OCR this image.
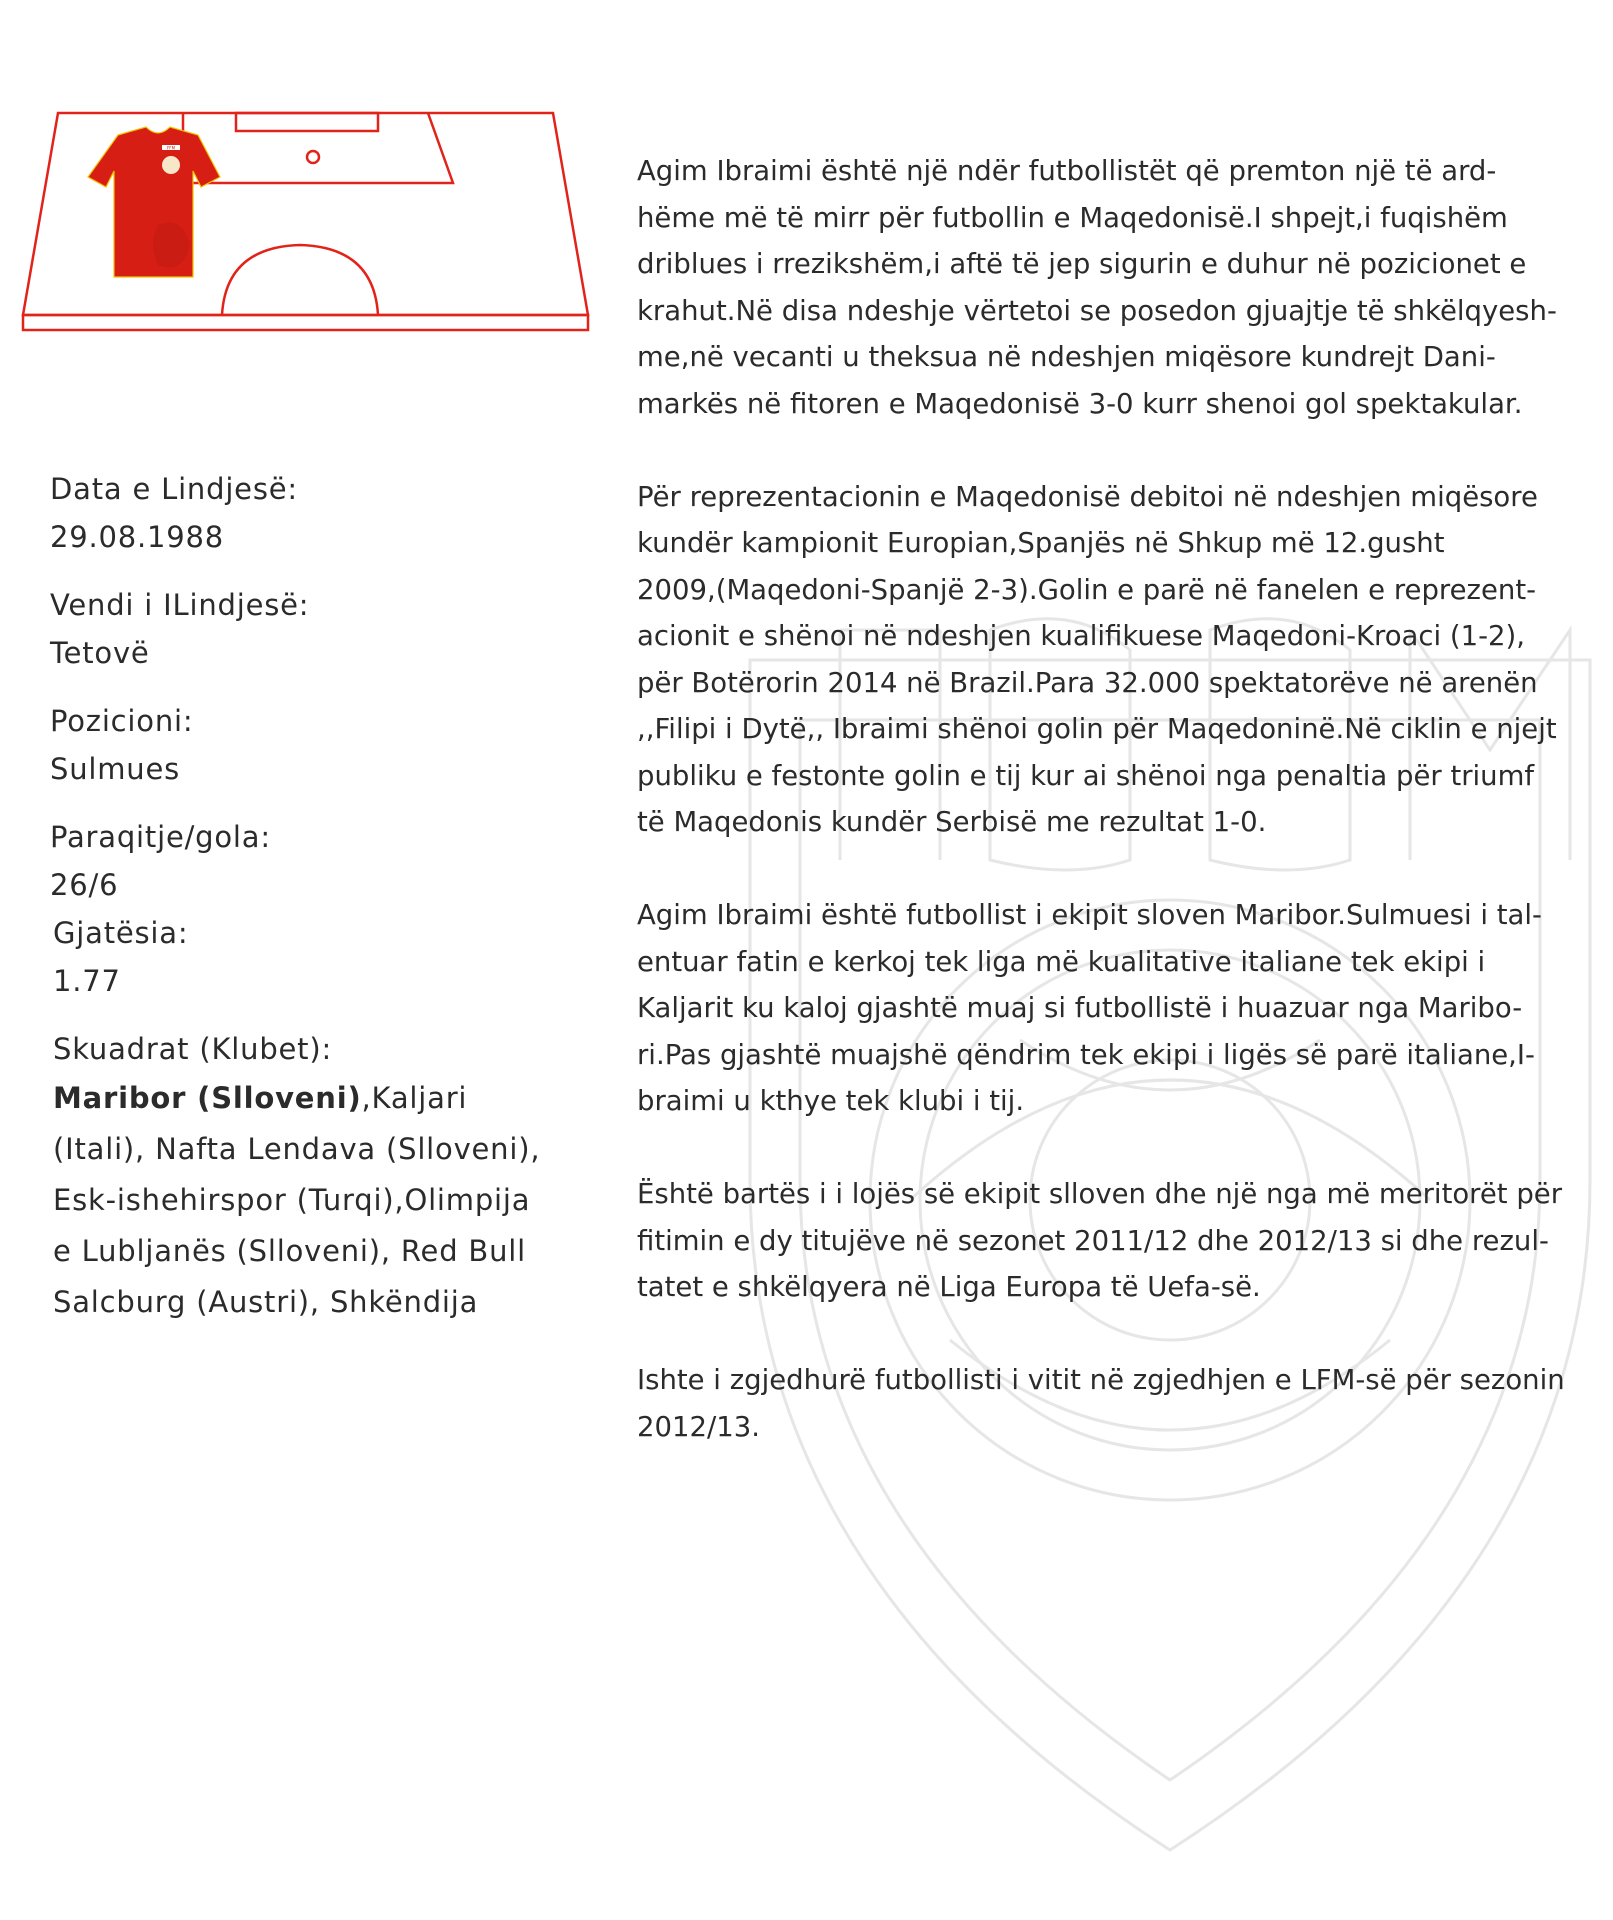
FFM
Data e Lindjesë:
29.08.1988
Vendi i ILindjesë:
Tetovë
Pozicioni:
Sulmues
Paraqitje/gola:
26/6
Gjatësia:
1.77
Skuadrat (Klubet):
Maribor (Slloveni),Kaljari (Itali), Nafta Lendava (Slloveni), Esk-ishehirspor (Turqi),Olimpija e Lubljanës (Slloveni), Red Bull Salcburg (Austri), Shkëndija

Agim Ibraimi është një ndër futbollistët që premton një të ard-
hëme më të mirr për futbollin e Maqedonisë.I shpejt,i fuqishëm
driblues i rrezikshëm,i aftë të jep sigurin e duhur në pozicionet e
krahut.Në disa ndeshje vërtetoi se posedon gjuajtje të shkëlqyesh-
me,në vecanti u theksua në ndeshjen miqësore kundrejt Dani-
markës në fitoren e Maqedonisë 3-0 kurr shenoi gol spektakular.

Për reprezentacionin e Maqedonisë debitoi në ndeshjen miqësore
kundër kampionit Europian,Spanjës në Shkup më 12.gusht
2009,(Maqedoni-Spanjë 2-3).Golin e parë në fanelen e reprezent-
acionit e shënoi në ndeshjen kualifikuese Maqedoni-Kroaci (1-2),
për Botërorin 2014 në Brazil.Para 32.000 spektatorëve në arenën
,,Filipi i Dytë,, Ibraimi shënoi golin për Maqedoninë.Në ciklin e njejt
publiku e festonte golin e tij kur ai shënoi nga penaltia për triumf
të Maqedonis kundër Serbisë me rezultat 1-0.

Agim Ibraimi është futbollist i ekipit sloven Maribor.Sulmuesi i tal-
entuar fatin e kerkoj tek liga më kualitative italiane tek ekipi i
Kaljarit ku kaloj gjashtë muaj si futbollistë i huazuar nga Maribo-
ri.Pas gjashtë muajshë qëndrim tek ekipi i ligës së parë italiane,I-
braimi u kthye tek klubi i tij.

Është bartës i i lojës së ekipit slloven dhe një nga më meritorët për
fitimin e dy titujëve në sezonet 2011/12 dhe 2012/13 si dhe rezul-
tatet e shkëlqyera në Liga Europa të Uefa-së.

Ishte i zgjedhurë futbollisti i vitit në zgjedhjen e LFM-së për sezonin
2012/13.
